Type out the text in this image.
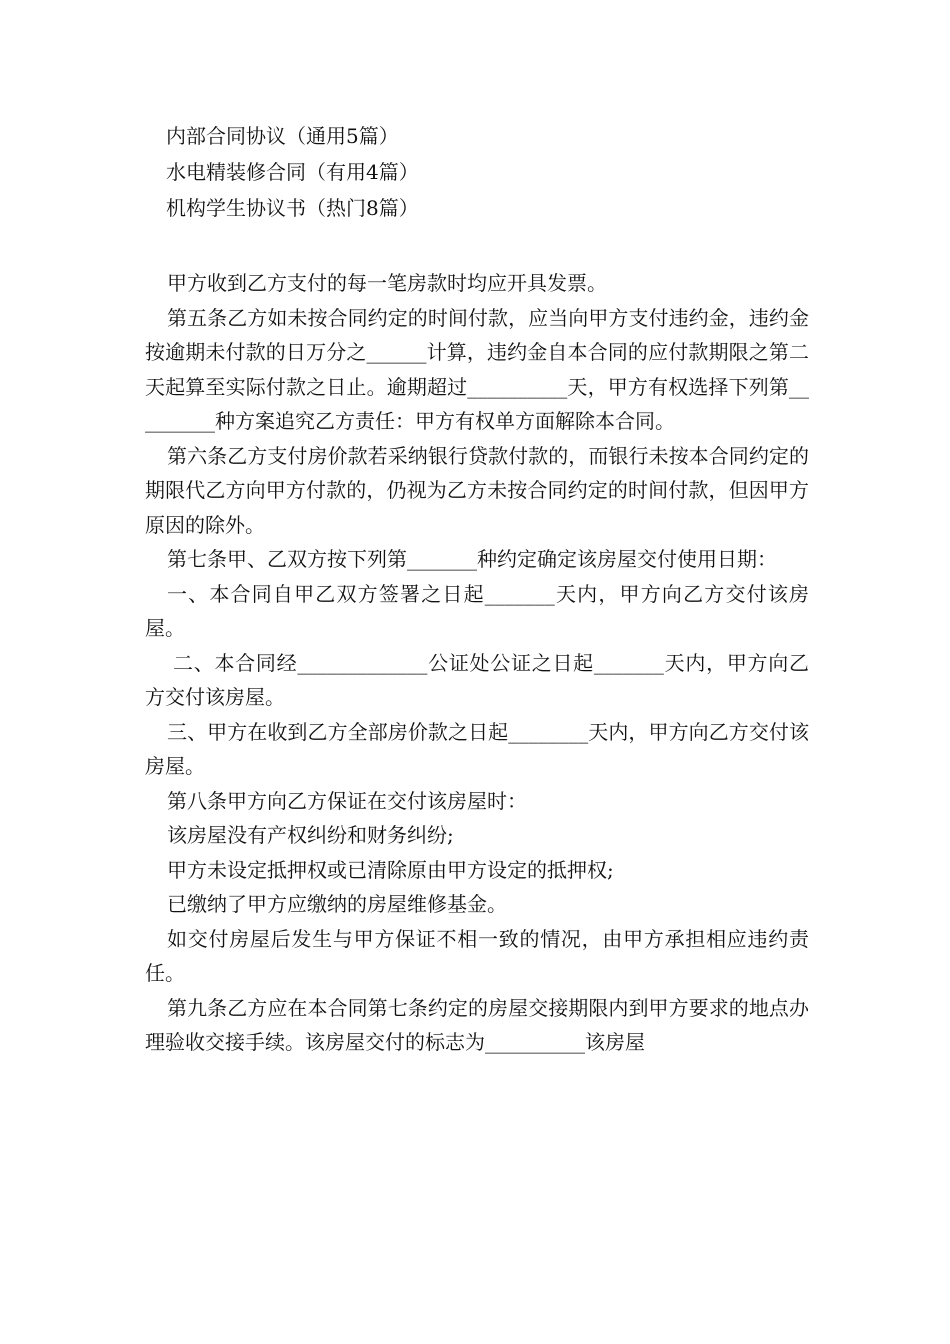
内部合同协议（通用5篇）
水电精装修合同（有用4篇）
机构学生协议书（热门8篇）

甲方收到乙方支付的每一笔房款时均应开具发票。

第五条乙方如未按合同约定的时间付款，应当向甲方支付违约金，违约金按逾期未付款的日万分之______计算，违约金自本合同的应付款期限之第二天起算至实际付款之日止。逾期超过__________天，甲方有权选择下列第_________种方案追究乙方责任：甲方有权单方面解除本合同。

第六条乙方支付房价款若采纳银行贷款付款的，而银行未按本合同约定的期限代乙方向甲方付款的，仍视为乙方未按合同约定的时间付款，但因甲方原因的除外。

第七条甲、乙双方按下列第_______种约定确定该房屋交付使用日期：

一、本合同自甲乙双方签署之日起_______天内，甲方向乙方交付该房屋。

二、本合同经_____________公证处公证之日起_______天内，甲方向乙方交付该房屋。

三、甲方在收到乙方全部房价款之日起________天内，甲方向乙方交付该房屋。

第八条甲方向乙方保证在交付该房屋时：

该房屋没有产权纠纷和财务纠纷;

甲方未设定抵押权或已清除原由甲方设定的抵押权;

已缴纳了甲方应缴纳的房屋维修基金。

如交付房屋后发生与甲方保证不相一致的情况，由甲方承担相应违约责任。

第九条乙方应在本合同第七条约定的房屋交接期限内到甲方要求的地点办理验收交接手续。该房屋交付的标志为__________该房屋
